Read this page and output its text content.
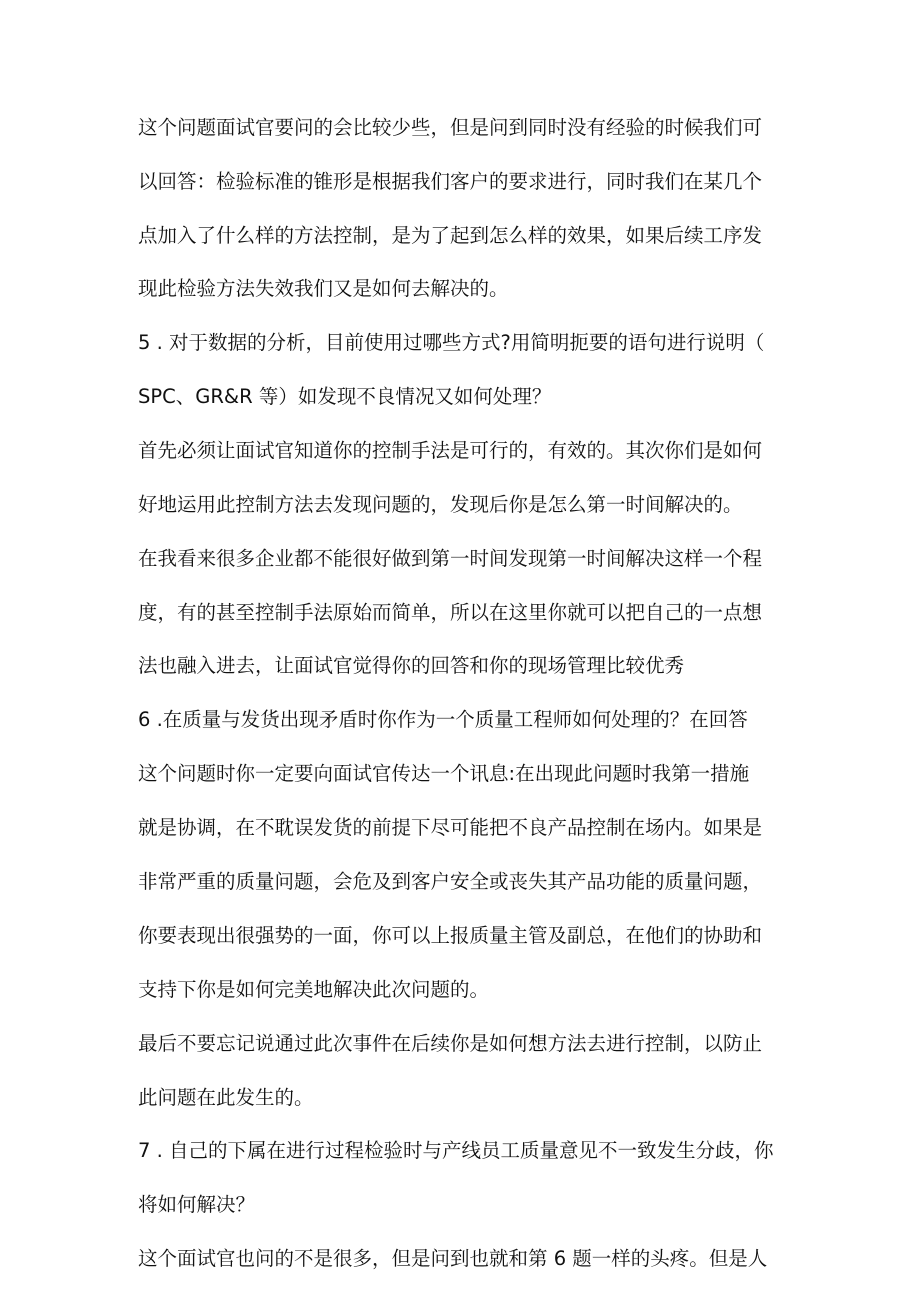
这个问题面试官要问的会比较少些，但是问到同时没有经验的时候我们可
以回答：检验标准的锥形是根据我们客户的要求进行，同时我们在某几个
点加入了什么样的方法控制，是为了起到怎么样的效果，如果后续工序发
现此检验方法失效我们又是如何去解决的。
5 . 对于数据的分析，目前使用过哪些方式?用简明扼要的语句进行说明（
SPC、GR&R 等）如发现不良情况又如何处理？
首先必须让面试官知道你的控制手法是可行的，有效的。其次你们是如何
好地运用此控制方法去发现问题的，发现后你是怎么第一时间解决的。
在我看来很多企业都不能很好做到第一时间发现第一时间解决这样一个程
度，有的甚至控制手法原始而简单，所以在这里你就可以把自己的一点想
法也融入进去，让面试官觉得你的回答和你的现场管理比较优秀
6 .在质量与发货出现矛盾时你作为一个质量工程师如何处理的？在回答
这个问题时你一定要向面试官传达一个讯息:在出现此问题时我第一措施
就是协调，在不耽误发货的前提下尽可能把不良产品控制在场内。如果是
非常严重的质量问题，会危及到客户安全或丧失其产品功能的质量问题，
你要表现出很强势的一面，你可以上报质量主管及副总，在他们的协助和
支持下你是如何完美地解决此次问题的。
最后不要忘记说通过此次事件在后续你是如何想方法去进行控制，以防止
此问题在此发生的。
7 . 自己的下属在进行过程检验时与产线员工质量意见不一致发生分歧，你
将如何解决？
这个面试官也问的不是很多，但是问到也就和第 6 题一样的头疼。但是人
